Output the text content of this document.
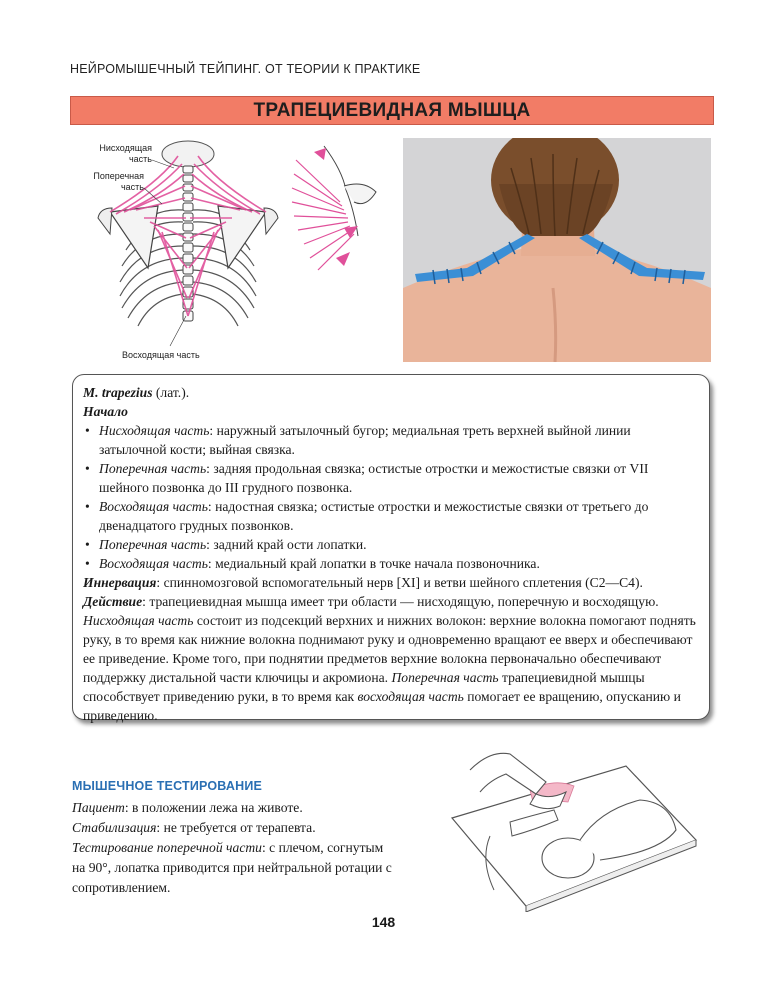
НЕЙРОМЫШЕЧНЫЙ ТЕЙПИНГ. ОТ ТЕОРИИ К ПРАКТИКЕ
ТРАПЕЦИЕВИДНАЯ МЫШЦА
Нисходящая
часть
Поперечная
часть
Восходящая часть

M. trapezius (лат.).

Начало

• Нисходящая часть: наружный затылочный бугор; медиальная треть верхней выйной линии затылочной кости; выйная связка.
• Поперечная часть: задняя продольная связка; остистые отростки и межостистые связки от VII шейного позвонка до III грудного позвонка.
• Восходящая часть: надостная связка; остистые отростки и межостистые связки от третьего до двенадцатого грудных позвонков.
• Поперечная часть: задний край ости лопатки.
• Восходящая часть: медиальный край лопатки в точке начала позвоночника.

Иннервация: спинномозговой вспомогательный нерв [XI] и ветви шейного сплетения (С2—С4).

Действие: трапециевидная мышца имеет три области — нисходящую, поперечную и восходящую.

Нисходящая часть состоит из подсекций верхних и нижних волокон: верхние волокна помогают поднять руку, в то время как нижние волокна поднимают руку и одновременно вращают ее вверх и обеспечивают ее приведение. Кроме того, при поднятии предметов верхние волокна первоначально обеспечивают поддержку дистальной части ключицы и акромиона. Поперечная часть трапециевидной мышцы способствует приведению руки, в то время как восходящая часть помогает ее вращению, опусканию и приведению.

МЫШЕЧНОЕ ТЕСТИРОВАНИЕ

Пациент: в положении лежа на животе.

Стабилизация: не требуется от терапевта.

Тестирование поперечной части: с плечом, согнутым на 90°, лопатка приводится при нейтральной ротации с сопротивлением.

148
